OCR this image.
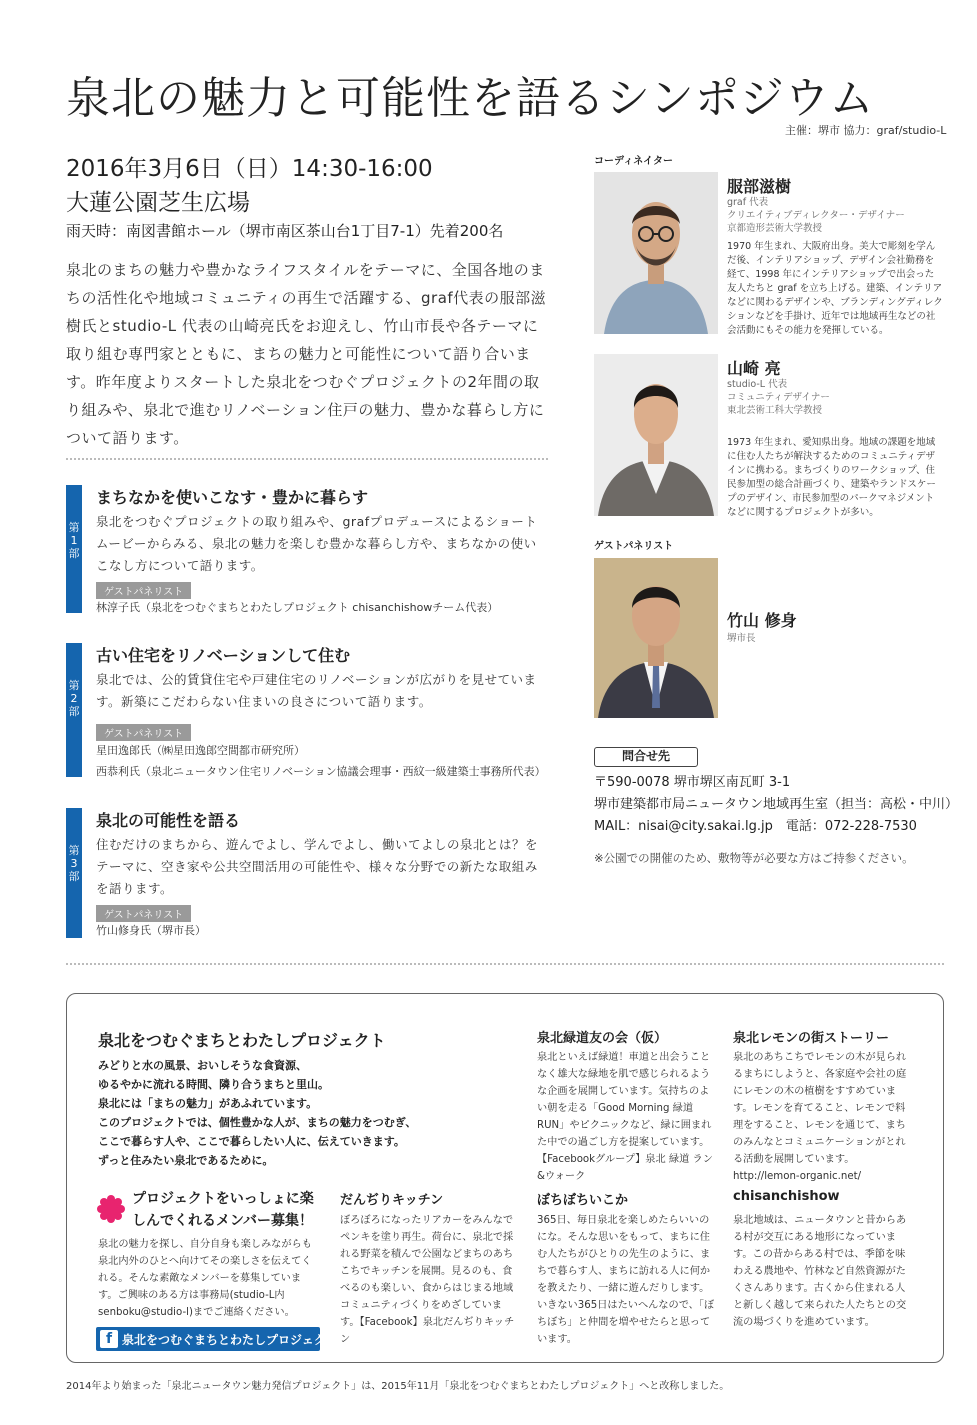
泉北の魅力と可能性を語るシンポジウム
主催：堺市 協力：graf/studio-L
2016年3月6日（日）14:30-16:00
大蓮公園芝生広場
雨天時：南図書館ホール（堺市南区茶山台1丁目7-1）先着200名
泉北のまちの魅力や豊かなライフスタイルをテーマに、全国各地のまちの活性化や地域コミュニティの再生で活躍する、graf代表の服部滋樹氏とstudio-L 代表の山崎亮氏をお迎えし、竹山市長や各テーマに取り組む専門家とともに、まちの魅力と可能性について語り合います。昨年度よりスタートした泉北をつむぐプロジェクトの2年間の取り組みや、泉北で進むリノベーション住戸の魅力、豊かな暮らし方について語ります。
第1部
まちなかを使いこなす・豊かに暮らす
泉北をつむぐプロジェクトの取り組みや、grafプロデュースによるショートムービーからみる、泉北の魅力を楽しむ豊かな暮らし方や、まちなかの使いこなし方について語ります。
ゲストパネリスト
林淳子氏（泉北をつむぐまちとわたしプロジェクト chisanchishowチーム代表）
第2部
古い住宅をリノベーションして住む
泉北では、公的賃貸住宅や戸建住宅のリノベーションが広がりを見せています。新築にこだわらない住まいの良さについて語ります。
ゲストパネリスト
星田逸郎氏（㈱星田逸郎空間都市研究所）
西恭利氏（泉北ニュータウン住宅リノベーション協議会理事・西紋一級建築士事務所代表）
第3部
泉北の可能性を語る
住むだけのまちから、遊んでよし、学んでよし、働いてよしの泉北とは？をテーマに、空き家や公共空間活用の可能性や、様々な分野での新たな取組みを語ります。
ゲストパネリスト
竹山修身氏（堺市長）
コーディネイター
服部滋樹
graf 代表
クリエイティブディレクター・デザイナー
京都造形芸術大学教授
1970 年生まれ、大阪府出身。美大で彫刻を学んだ後、インテリアショップ、デザイン会社勤務を経て、1998 年にインテリアショップで出会った友人たちと graf を立ち上げる。建築、インテリアなどに関わるデザインや、ブランディングディレクションなどを手掛け、近年では地域再生などの社会活動にもその能力を発揮している。
山崎 亮
studio-L 代表
コミュニティデザイナー
東北芸術工科大学教授
1973 年生まれ、愛知県出身。地域の課題を地域に住む人たちが解決するためのコミュニティデザインに携わる。まちづくりのワークショップ、住民参加型の総合計画づくり、建築やランドスケープのデザイン、市民参加型のパークマネジメントなどに関するプロジェクトが多い。
ゲストパネリスト
竹山 修身
堺市長
問合せ先
〒590-0078 堺市堺区南瓦町 3-1
堺市建築都市局ニュータウン地域再生室（担当：高松・中川）
MAIL：nisai@city.sakai.lg.jp　電話：072-228-7530
※公園での開催のため、敷物等が必要な方はご持参ください。
泉北をつむぐまちとわたしプロジェクト
みどりと水の風景、おいしそうな食資源、
ゆるやかに流れる時間、隣り合うまちと里山。
泉北には「まちの魅力」があふれています。
このプロジェクトでは、個性豊かな人が、まちの魅力をつむぎ、
ここで暮らす人や、ここで暮らしたい人に、伝えていきます。
ずっと住みたい泉北であるために。
プロジェクトをいっしょに楽しんでくれるメンバー募集！
泉北の魅力を探し、自分自身も楽しみながらも泉北内外のひとへ向けてその楽しさを伝えてくれる。そんな素敵なメンバーを募集しています。ご興味のある方は事務局(studio-L内senboku@studio-l)までご連絡ください。
f 泉北をつむぐまちとわたしプロジェクト
泉北緑道友の会（仮）
泉北といえば緑道！車道と出会うことなく雄大な緑地を肌で感じられるような企画を展開しています。気持ちのよい朝を走る「Good Morning 緑道 RUN」やピクニックなど、緑に囲まれた中での過ごし方を提案しています。【Facebookグループ】泉北 緑道 ラン&ウォーク
泉北レモンの街ストーリー
泉北のあちこちでレモンの木が見られるまちにしようと、各家庭や会社の庭にレモンの木の植樹をすすめています。レモンを育てること、レモンで料理をすること、レモンを通じて、まちのみんなとコミュニケーションがとれる活動を展開しています。http://lemon-organic.net/
だんぢりキッチン
ぼろぼろになったリアカーをみんなでペンキを塗り再生。荷台に、泉北で採れる野菜を積んで公園などまちのあちこちでキッチンを展開。見るのも、食べるのも楽しい、食からはじまる地域コミュニティづくりをめざしています。【Facebook】泉北だんぢりキッチン
ぼちぼちいこか
365日、毎日泉北を楽しめたらいいのにな。そんな思いをもって、まちに住む人たちがひとりの先生のように、まちで暮らす人、まちに訪れる人に何かを教えたり、一緒に遊んだりします。いきない365日はたいへんなので、「ぼちぼち」と仲間を増やせたらと思っています。
chisanchishow
泉北地域は、ニュータウンと昔からある村が交互にある地形になっています。この昔からある村では、季節を味わえる農地や、竹林など自然資源がたくさんあります。古くから住まれる人と新しく越して来られた人たちとの交流の場づくりを進めています。
2014年より始まった「泉北ニュータウン魅力発信プロジェクト」は、2015年11月「泉北をつむぐまちとわたしプロジェクト」へと改称しました。
